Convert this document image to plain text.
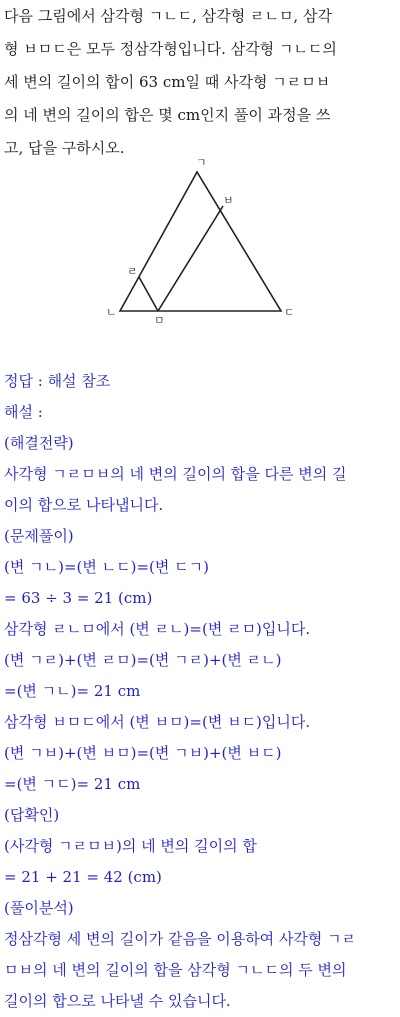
다음 그림에서 삼각형 ㄱㄴㄷ, 삼각형 ㄹㄴㅁ, 삼각
형 ㅂㅁㄷ은 모두 정삼각형입니다. 삼각형 ㄱㄴㄷ의
세 변의 길이의 합이 63 cm일 때 사각형 ㄱㄹㅁㅂ
의 네 변의 길이의 합은 몇 cm인지 풀이 과정을 쓰
고, 답을 구하시오.
ㄱ
ㅂ
ㄹ
ㄴ
ㅁ
ㄷ
정답 : 해설 참조
해설 :
(해결전략)
사각형 ㄱㄹㅁㅂ의 네 변의 길이의 합을 다른 변의 길
이의 합으로 나타냅니다.
(문제풀이)
(변 ㄱㄴ)=(변 ㄴㄷ)=(변 ㄷㄱ)
= 63 ÷ 3 = 21 (cm)
삼각형 ㄹㄴㅁ에서 (변 ㄹㄴ)=(변 ㄹㅁ)입니다.
(변 ㄱㄹ)+(변 ㄹㅁ)=(변 ㄱㄹ)+(변 ㄹㄴ)
=(변 ㄱㄴ)= 21 cm
삼각형 ㅂㅁㄷ에서 (변 ㅂㅁ)=(변 ㅂㄷ)입니다.
(변 ㄱㅂ)+(변 ㅂㅁ)=(변 ㄱㅂ)+(변 ㅂㄷ)
=(변 ㄱㄷ)= 21 cm
(답확인)
(사각형 ㄱㄹㅁㅂ)의 네 변의 길이의 합
= 21 + 21 = 42 (cm)
(풀이분석)
정삼각형 세 변의 길이가 같음을 이용하여 사각형 ㄱㄹ
ㅁㅂ의 네 변의 길이의 합을 삼각형 ㄱㄴㄷ의 두 변의
길이의 합으로 나타낼 수 있습니다.
